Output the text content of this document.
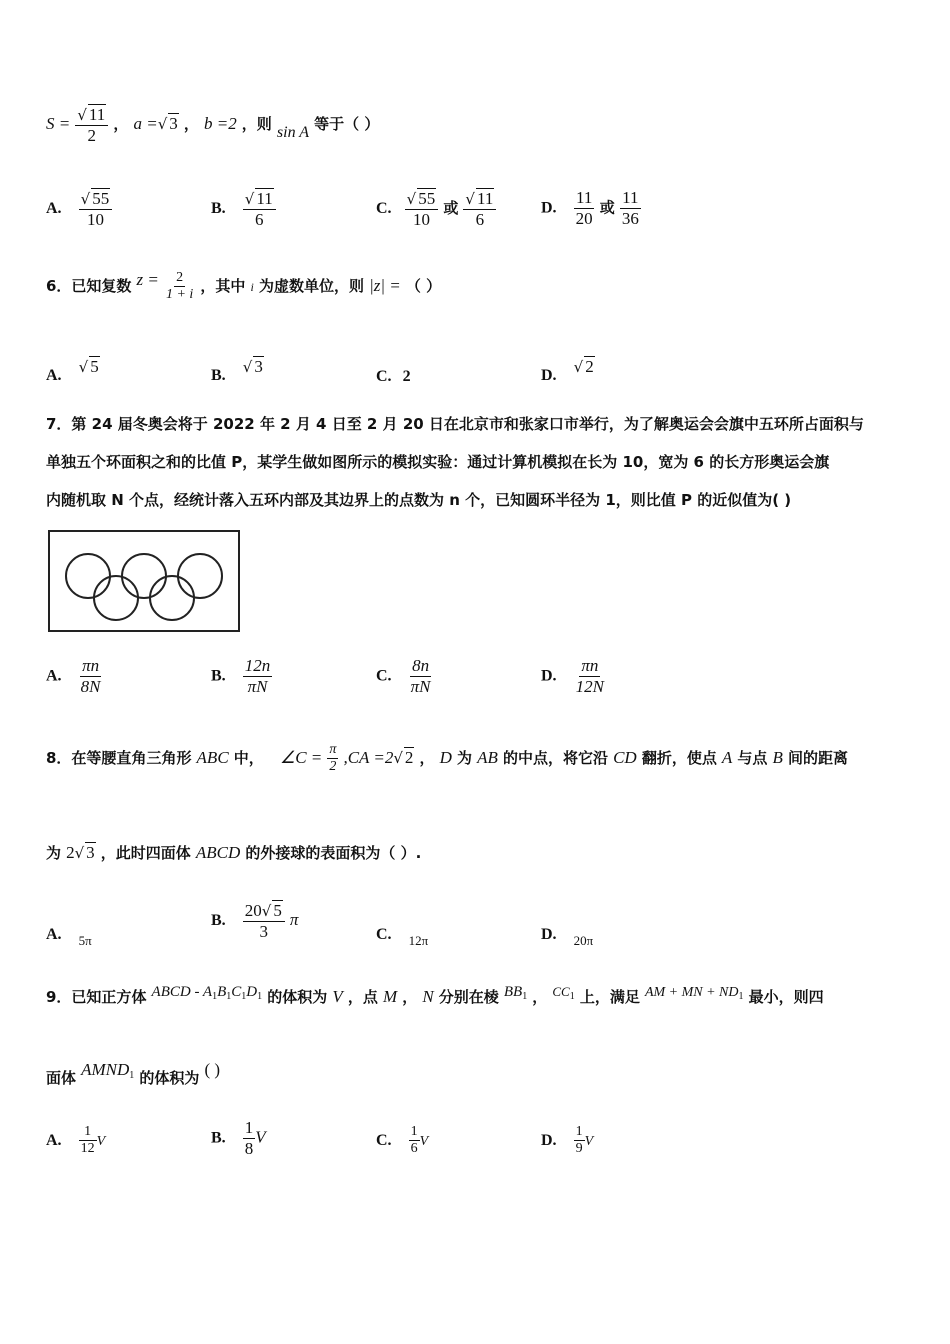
$S = \frac{√ 11}{2}$ ， a =√ 3 ， b =2 ，则 sin A 等于（ ）
A. $\frac{√ 55}{10}$	B. $\frac{√ 11}{6}$	C. $\frac{√ 55}{10}$ 或 $\frac{√ 11}{6}$	D. $\frac{11}{20}$ 或 $\frac{11}{36}$
6．已知复数 $z = \frac{2}{1 + i}$ ，其中 i 为虚数单位，则 |z| = （ ）
A. √ 5	B. √ 3
C. 2	D. √ 2
7．第 24 届冬奥会将于 2022 年 2 月 4 日至 2 月 20 日在北京市和张家口市举行，为了解奥运会会旗中五环所占面积与
单独五个环面积之和的比值 P，某学生做如图所示的模拟实验：通过计算机模拟在长为 10，宽为 6 的长方形奥运会旗
内随机取 N 个点，经统计落入五环内部及其边界上的点数为 n 个，已知圆环半径为 1，则比值 P 的近似值为( )
A. $\frac{\pi n}{8N}$	B. $\frac{12n}{\pi N}$	C. $\frac{8n}{\pi N}$	D. $\frac{\pi n}{12N}$
8．在等腰直角三角形 ABC 中， ∠C = $\frac{\pi}{2} ,CA =2√$ 2 ， D 为 AB 的中点，将它沿 CD 翻折，使点 A 与点 B 间的距离
为 2√ 3 ，此时四面体 ABCD 的外接球的表面积为（ ）.
A. $_{5\pi}$
B. $\frac{20√ 5}{3}$ π
C. $_{12\pi}$	D. $_{20\pi}$
9．已知正方体 ABCD - $A_1B_1C_1D_1$ 的体积为 V ，点 M ， N 分别在棱 $BB_1$ ， $^{CC_1}$ 上，满足 AM + MN + $ND_1$ 最小，则四
面体 $AMND_1$ 的体积为 ( )
A. $\frac{1}{12}$ V	B. $\frac{1}{8}$ V	C. $\frac{1}{6}$ V	D. $\frac{1}{9}$ V
